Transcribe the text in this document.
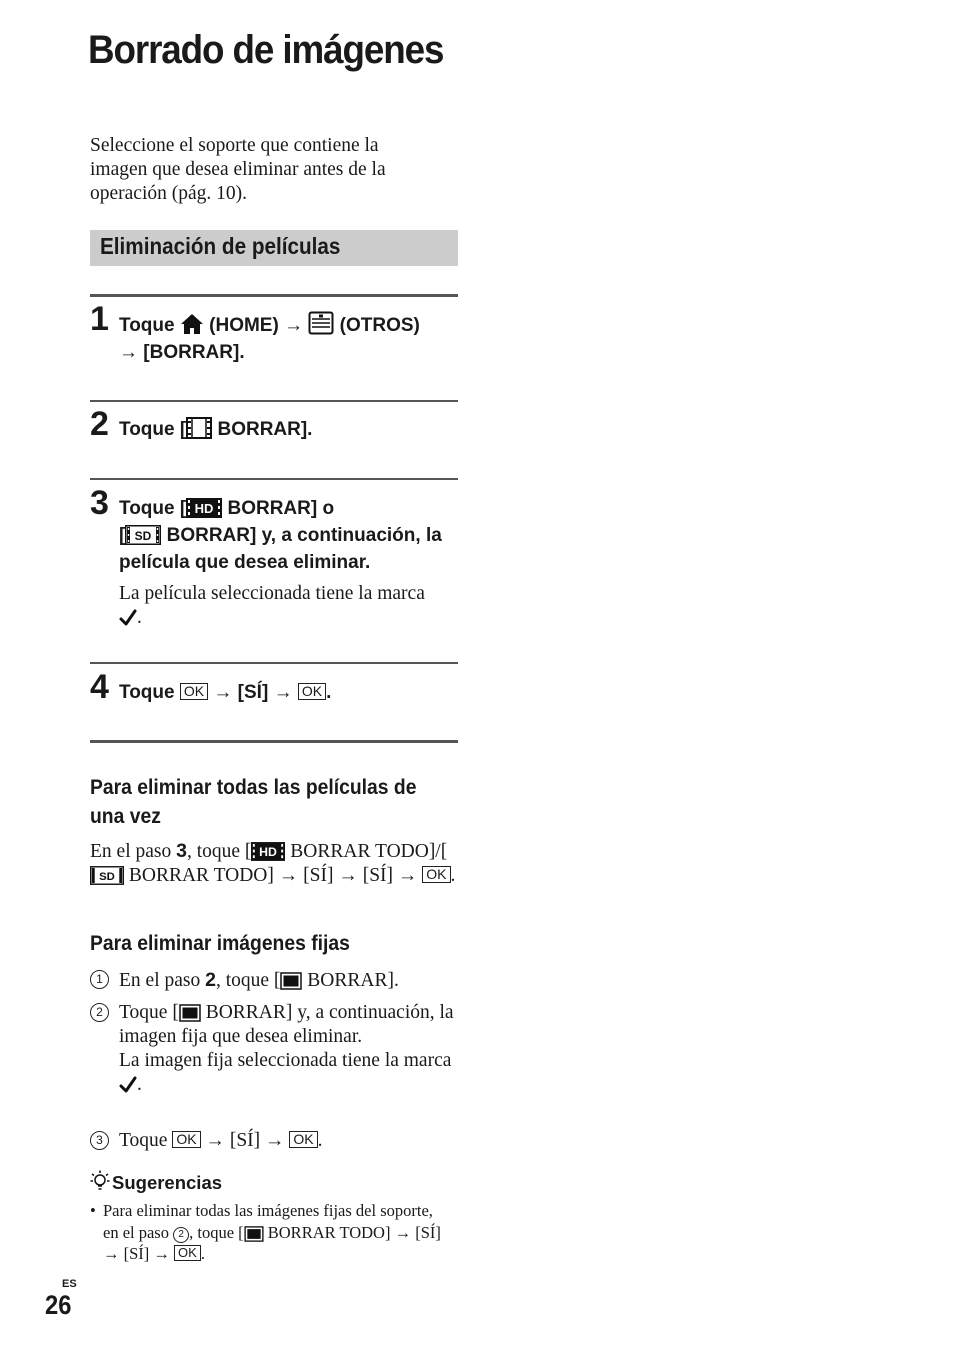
Borrado de imágenes
Seleccione el soporte que contiene la imagen que desea eliminar antes de la operación (pág. 10).
Eliminación de películas
1 Toque (HOME) → (OTROS)
→ [BORRAR].
2 Toque [ BORRAR].
3 Toque [ HD BORRAR] o
[ SD BORRAR] y, a continuación, la película que desea eliminar.
La película seleccionada tiene la marca

.
4 Toque OK → [SÍ] → OK .
Para eliminar todas las películas de una vez
En el paso 3, toque [ HD BORRAR TODO]/[
SD BORRAR TODO] → [SÍ] → [SÍ] → OK .
Para eliminar imágenes fijas
1 En el paso 2, toque [ BORRAR].
2 Toque [ BORRAR] y, a continuación, la imagen fija que desea eliminar.
La imagen fija seleccionada tiene la marca
.
3 Toque OK → [SÍ] → OK .
Sugerencias
• Para eliminar todas las imágenes fijas del soporte, en el paso 2 , toque [ BORRAR TODO] → [SÍ] → [SÍ] → OK .
ES
26
